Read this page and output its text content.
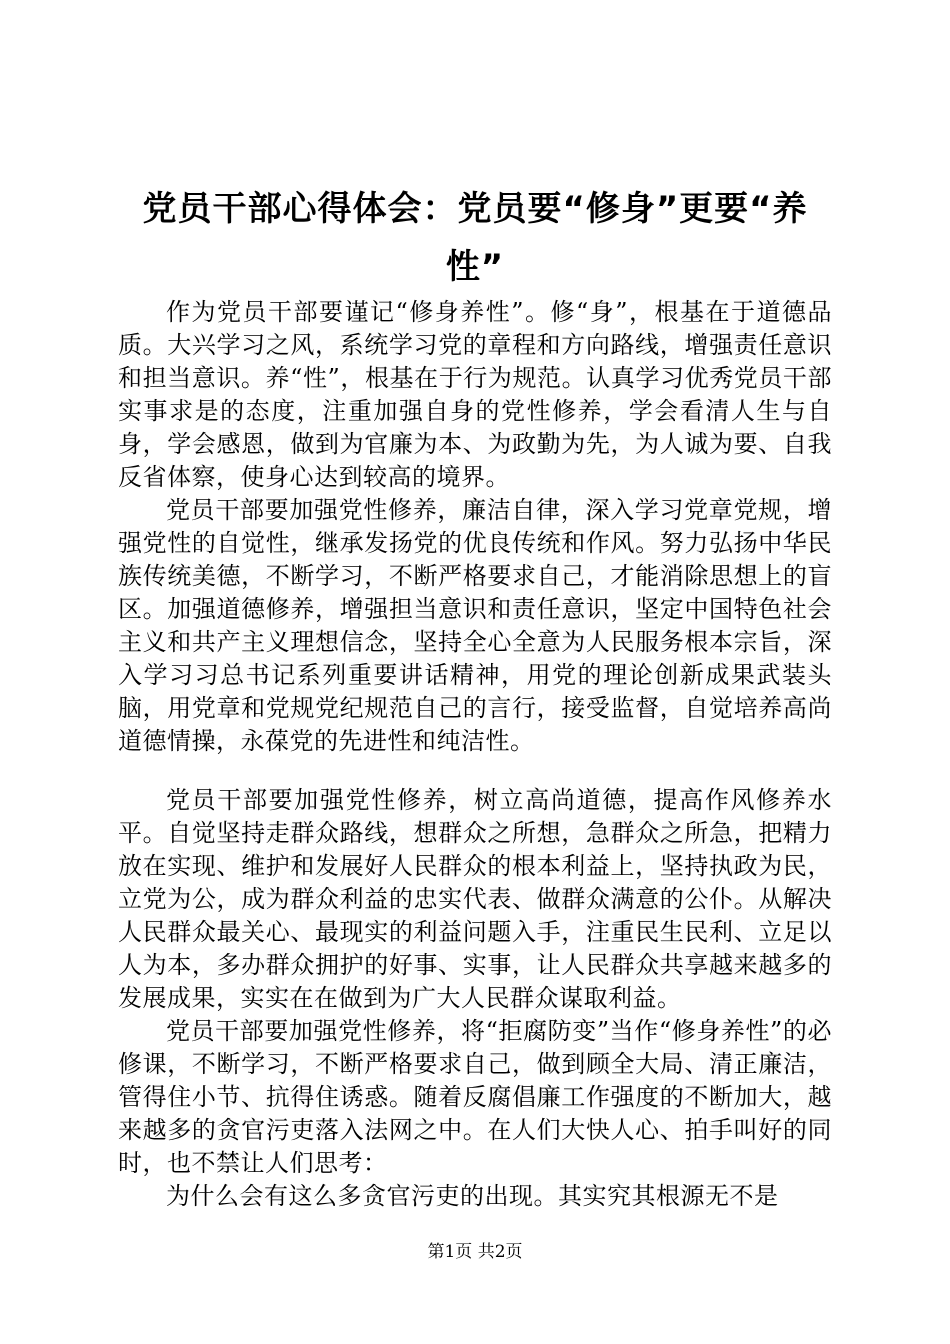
党员干部心得体会：党员要“修身”更要“养性”

作为党员干部要谨记“修身养性”。修“身”，根基在于道德品质。大兴学习之风，系统学习党的章程和方向路线，增强责任意识和担当意识。养“性”，根基在于行为规范。认真学习优秀党员干部实事求是的态度，注重加强自身的党性修养，学会看清人生与自身，学会感恩，做到为官廉为本、为政勤为先，为人诚为要、自我反省体察，使身心达到较高的境界。

党员干部要加强党性修养，廉洁自律，深入学习党章党规，增强党性的自觉性，继承发扬党的优良传统和作风。努力弘扬中华民族传统美德，不断学习，不断严格要求自己，才能消除思想上的盲区。加强道德修养，增强担当意识和责任意识，坚定中国特色社会主义和共产主义理想信念，坚持全心全意为人民服务根本宗旨，深入学习习总书记系列重要讲话精神，用党的理论创新成果武装头脑，用党章和党规党纪规范自己的言行，接受监督，自觉培养高尚道德情操，永葆党的先进性和纯洁性。

党员干部要加强党性修养，树立高尚道德，提高作风修养水平。自觉坚持走群众路线，想群众之所想，急群众之所急，把精力放在实现、维护和发展好人民群众的根本利益上，坚持执政为民，立党为公，成为群众利益的忠实代表、做群众满意的公仆。从解决人民群众最关心、最现实的利益问题入手，注重民生民利、立足以人为本，多办群众拥护的好事、实事，让人民群众共享越来越多的发展成果，实实在在做到为广大人民群众谋取利益。

党员干部要加强党性修养，将“拒腐防变”当作“修身养性”的必修课，不断学习，不断严格要求自己，做到顾全大局、清正廉洁，管得住小节、抗得住诱惑。随着反腐倡廉工作强度的不断加大，越来越多的贪官污吏落入法网之中。在人们大快人心、拍手叫好的同时，也不禁让人们思考：

为什么会有这么多贪官污吏的出现。其实究其根源无不是

第1页 共2页
